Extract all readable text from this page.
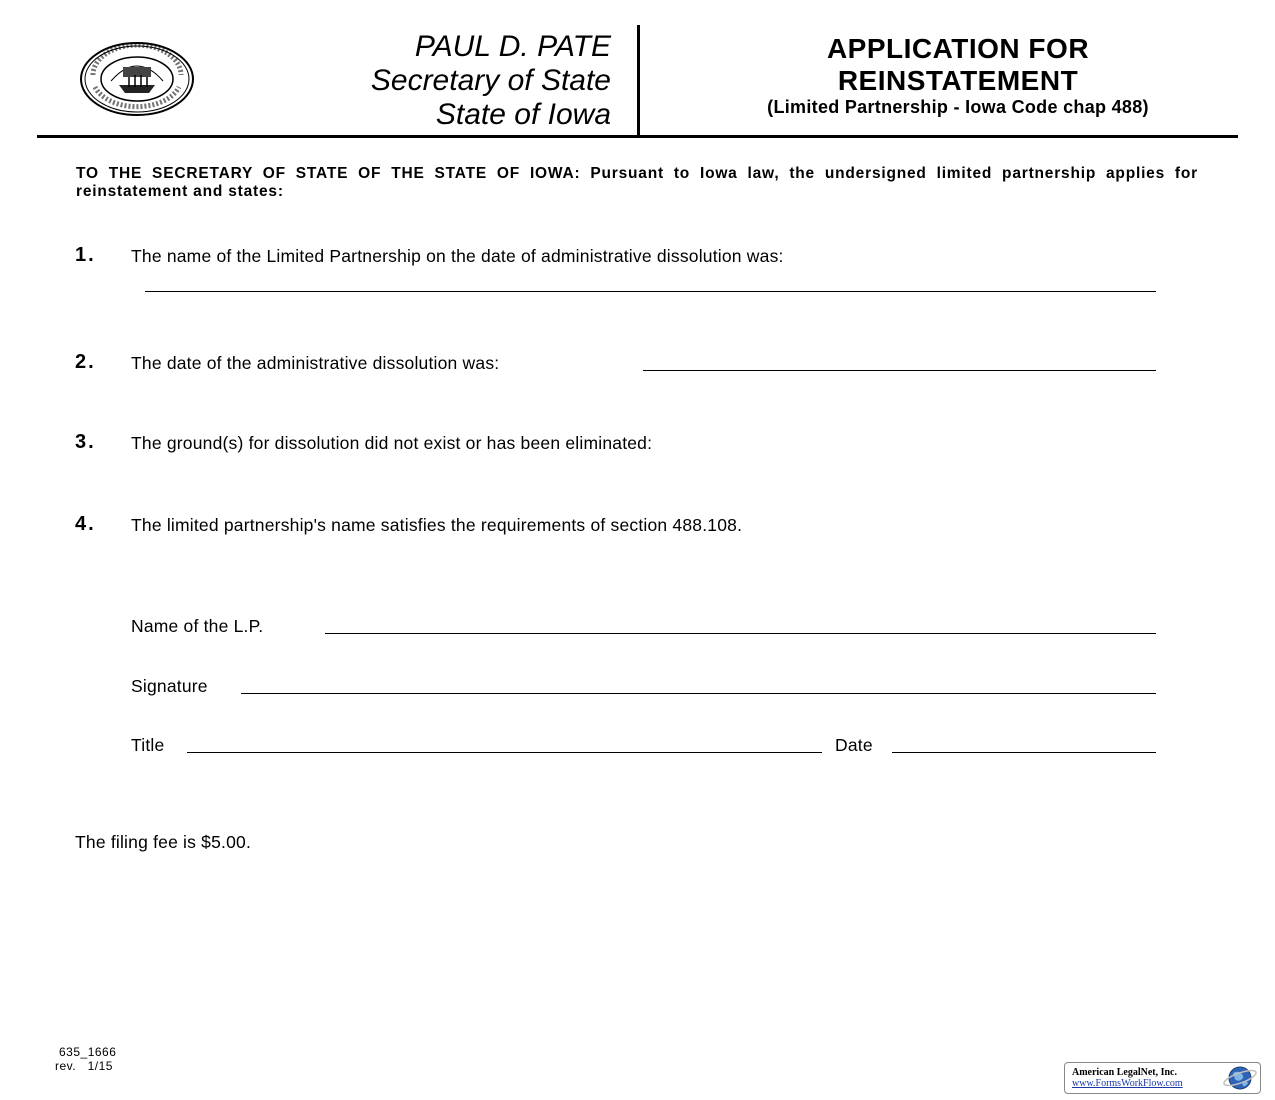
PAUL D. PATE
Secretary of State
State of Iowa
APPLICATION FOR
REINSTATEMENT
(Limited Partnership - Iowa Code chap 488)
TO THE SECRETARY OF STATE OF THE STATE OF IOWA: Pursuant to Iowa law, the undersigned limited partnership applies for reinstatement and states:
1. The name of the Limited Partnership on the date of administrative dissolution was:
2. The date of the administrative dissolution was:
3. The ground(s) for dissolution did not exist or has been eliminated:
4. The limited partnership's name satisfies the requirements of section 488.108.
Name of the L.P.
Signature
Title	Date
The filing fee is $5.00.
635_1666
rev.   1/15	American LegalNet, Inc.
www.FormsWorkFlow.com
